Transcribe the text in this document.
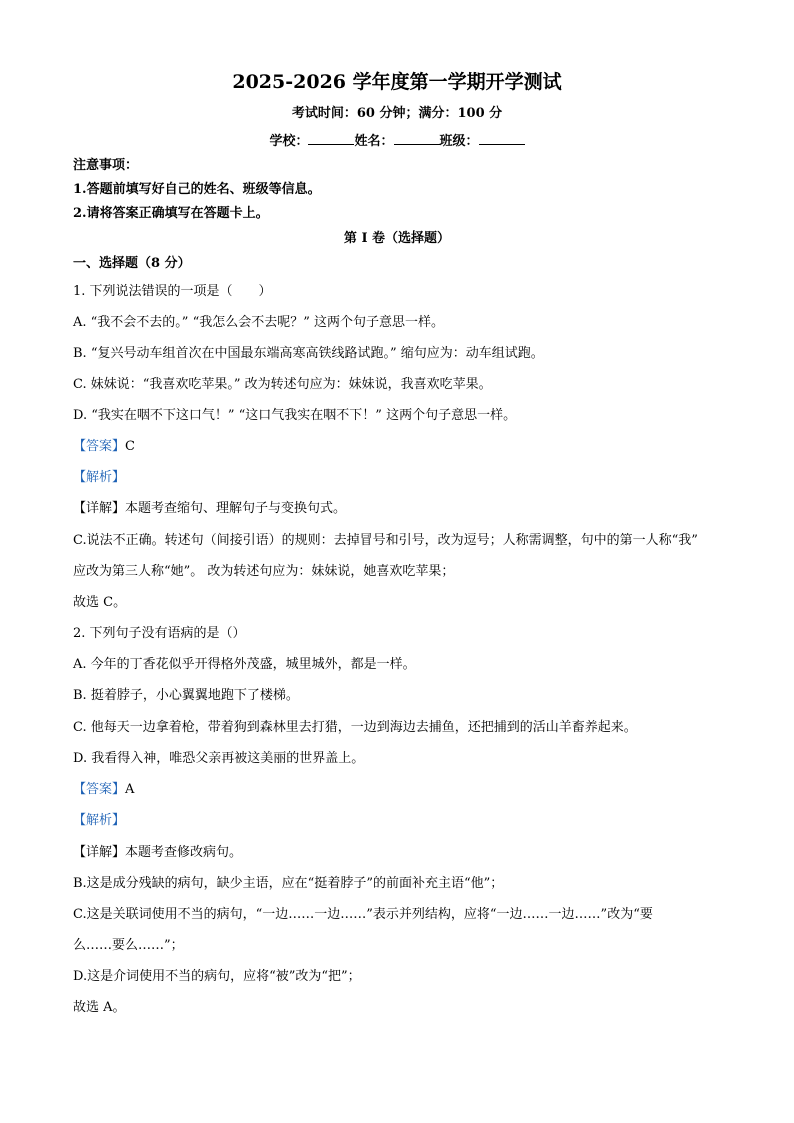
2025-2026 学年度第一学期开学测试
考试时间：60 分钟；满分：100 分
学校：	姓名：	班级：
注意事项：
1.答题前填写好自己的姓名、班级等信息。
2.请将答案正确填写在答题卡上。
第 I 卷（选择题）
一、选择题（8 分）
1. 下列说法错误的一项是（　　）
A. “我不会不去的。” “我怎么会不去呢？” 这两个句子意思一样。
B. “复兴号动车组首次在中国最东端高寒高铁线路试跑。” 缩句应为：动车组试跑。
C. 妹妹说：“我喜欢吃苹果。” 改为转述句应为：妹妹说，我喜欢吃苹果。
D. “我实在咽不下这口气！” “这口气我实在咽不下！” 这两个句子意思一样。
【答案】C
【解析】
【详解】本题考查缩句、理解句子与变换句式。
C.说法不正确。转述句（间接引语）的规则：去掉冒号和引号，改为逗号；人称需调整，句中的第一人称“我”
应改为第三人称“她”。 改为转述句应为：妹妹说，她喜欢吃苹果；
故选 C。
2. 下列句子没有语病的是（）
A. 今年的丁香花似乎开得格外茂盛，城里城外，都是一样。
B. 挺着脖子，小心翼翼地跑下了楼梯。
C. 他每天一边拿着枪，带着狗到森林里去打猎，一边到海边去捕鱼，还把捕到的活山羊畜养起来。
D. 我看得入神，唯恐父亲再被这美丽的世界盖上。
【答案】A
【解析】
【详解】本题考查修改病句。
B.这是成分残缺的病句，缺少主语，应在“挺着脖子”的前面补充主语“他”；
C.这是关联词使用不当的病句，“一边……一边……”表示并列结构，应将“一边……一边……”改为“要
么……要么……”；
D.这是介词使用不当的病句，应将“被”改为“把”；
故选 A。
